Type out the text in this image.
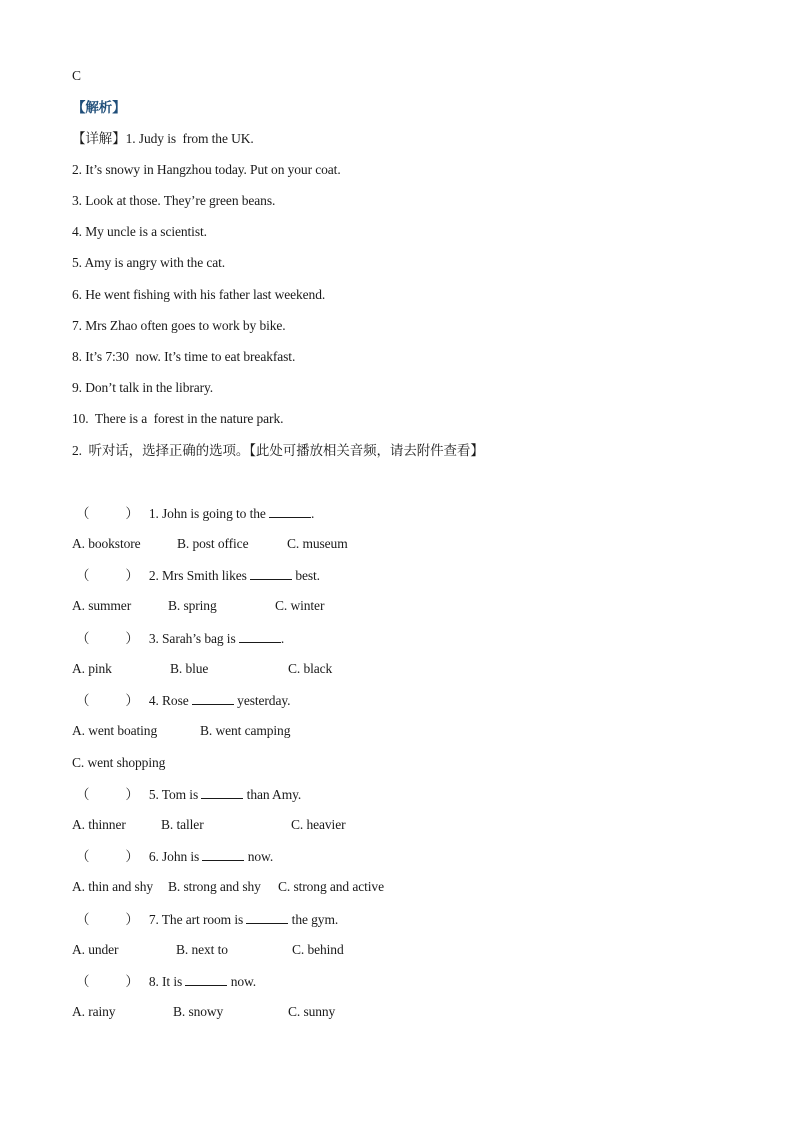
C
【解析】
【详解】1. Judy is  from the UK.
2. It’s snowy in Hangzhou today. Put on your coat.
3. Look at those. They’re green beans.
4. My uncle is a scientist.
5. Amy is angry with the cat.
6. He went fishing with his father last weekend.
7. Mrs Zhao often goes to work by bike.
8. It’s 7:30  now. It’s time to eat breakfast.
9. Don’t talk in the library.
10.  There is a  forest in the nature park.
2.  听对话，选择正确的选项。【此处可播放相关音频，请去附件查看】
（	） 1. John is going to the	.
A. bookstore	B. post office	C. museum
（	） 2. Mrs Smith likes	best.
A. summer	B. spring	C. winter
（	） 3. Sarah’s bag is	.
A. pink	B. blue	C. black
（	） 4. Rose	yesterday.
A. went boating	B. went camping
C. went shopping
（	） 5. Tom is	than Amy.
A. thinner	B. taller	C. heavier
（	） 6. John is	now.
A. thin and shy B. strong and shy C. strong and active
（	） 7. The art room is	the gym.
A. under	B. next to	C. behind
（	） 8. It is	now.
A. rainy	B. snowy	C. sunny
